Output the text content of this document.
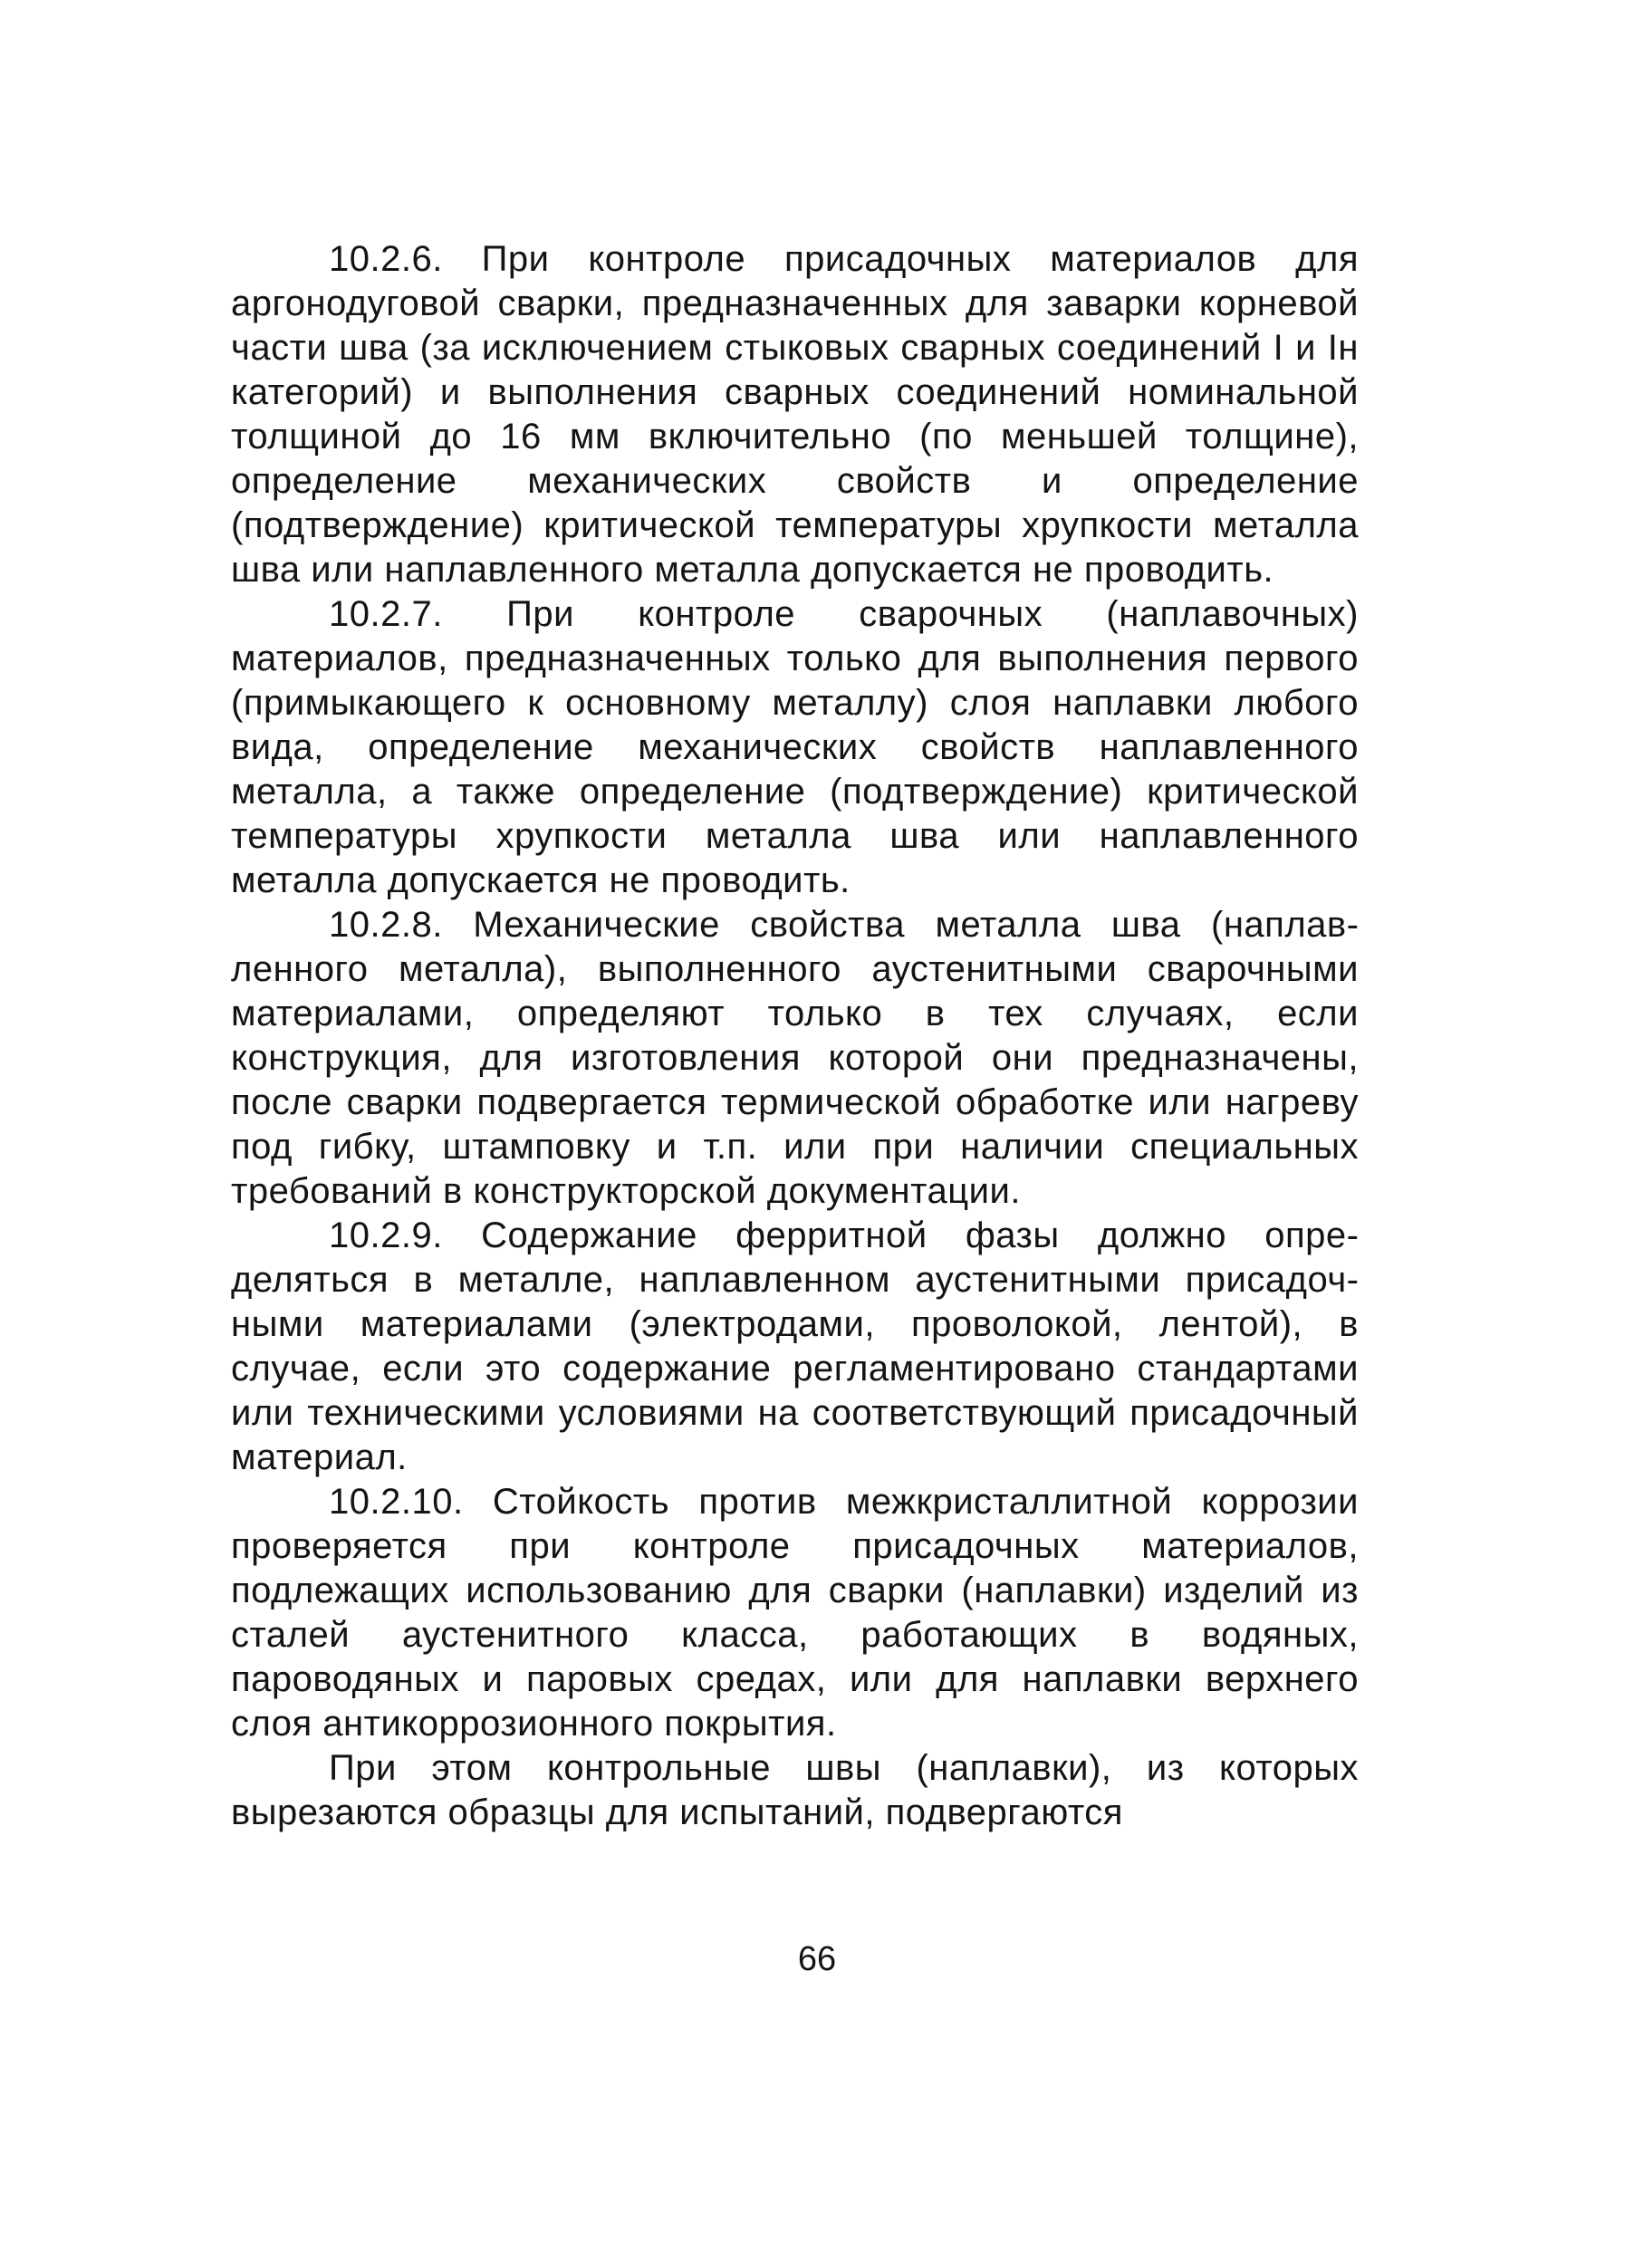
10.2.6. При контроле присадочных материалов для аргонодуговой сварки, предназначенных для заварки корневой части шва (за исключением стыковых сварных соединений I и Iн категорий) и выполнения сварных соединений номинальной толщиной до 16 мм включительно (по меньшей толщине), определение механических свойств и определение (подтверждение) критической температуры хрупкости металла шва или наплавленного металла допускается не проводить.

10.2.7. При контроле сварочных (наплавочных) материалов, предназначенных только для выполнения первого (примыкающего к основному металлу) слоя наплавки любого вида, определение механических свойств наплавленного металла, а также определение (подтверждение) критической температуры хрупкости металла шва или наплавленного металла допускается не проводить.

10.2.8. Механические свойства металла шва (наплавленного металла), выполненного аустенитными сварочными материалами, определяют только в тех случаях, если конструкция, для изготовления которой они предназначены, после сварки подвергается термической обработке или нагреву под гибку, штамповку и т.п. или при наличии специальных требований в конструкторской документации.

10.2.9. Содержание ферритной фазы должно определяться в металле, наплавленном аустенитными присадочными материалами (электродами, проволокой, лентой), в случае, если это содержание регламентировано стандартами или техническими условиями на соответствующий присадочный материал.

10.2.10. Стойкость против межкристаллитной коррозии проверяется при контроле присадочных материалов, подлежащих использованию для сварки (наплавки) изделий из сталей аустенитного класса, работающих в водяных, пароводяных и паровых средах, или для наплавки верхнего слоя антикоррозионного покрытия.

При этом контрольные швы (наплавки), из которых вырезаются образцы для испытаний, подвергаются

66
